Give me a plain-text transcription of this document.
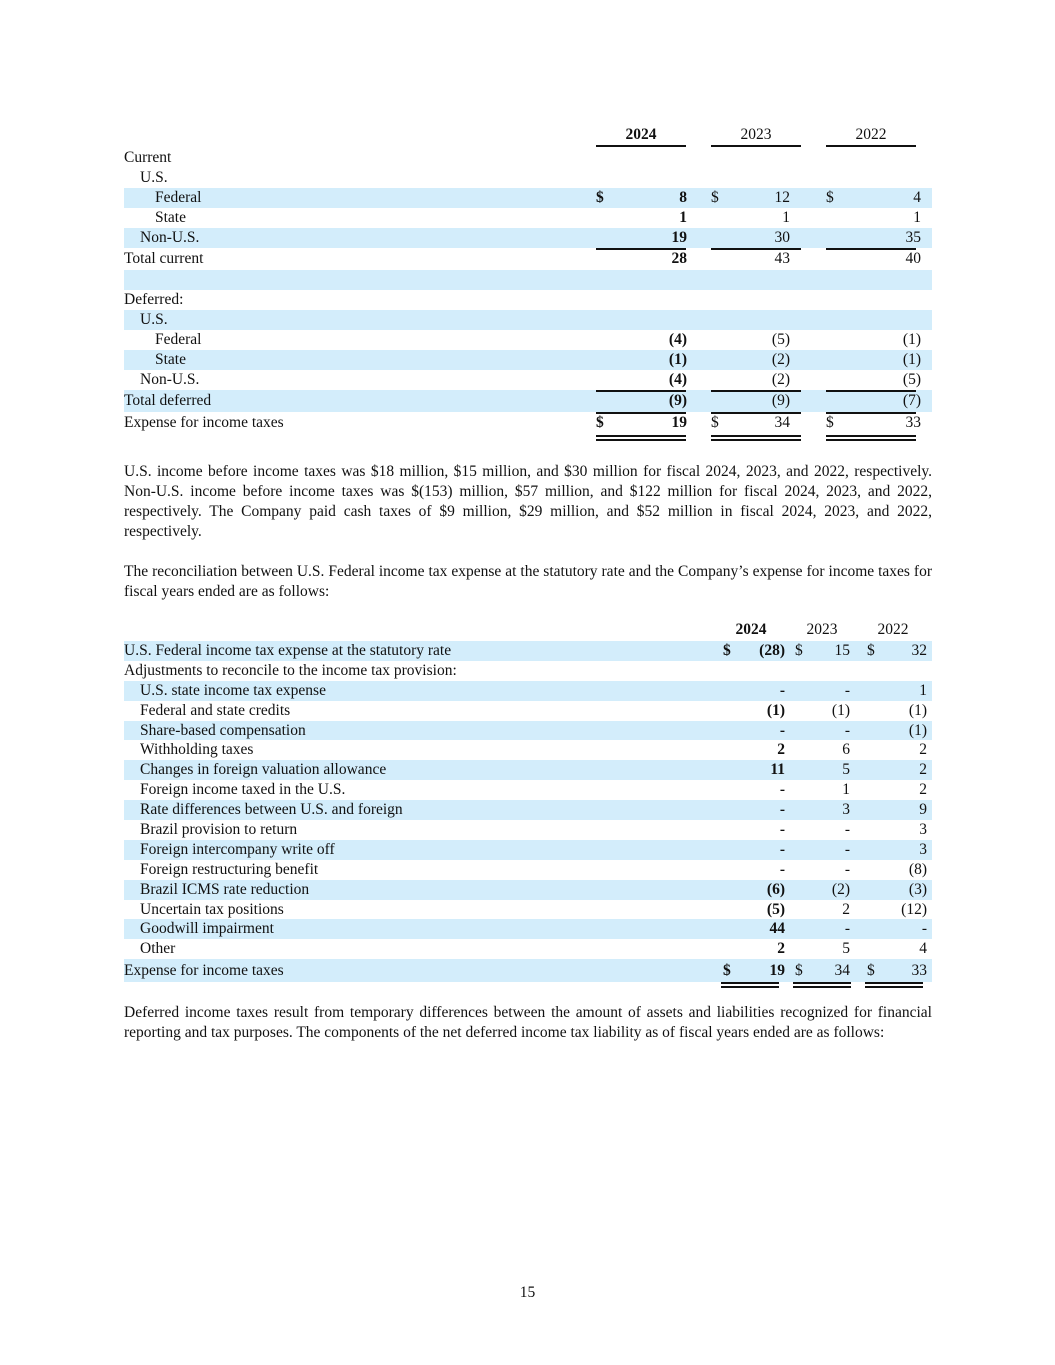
2024	2023	2022
Current
U.S.
Federal	$	8 $	12 $	4
State	1	1	1
Non-U.S.	19	30	35
Total current	28	43	40
Deferred:
U.S.
Federal	(4)	(5)	(1)
State	(1)	(2)	(1)
Non-U.S.	(4)	(2)	(5)
Total deferred	(9)	(9)	(7)
Expense for income taxes	$	19 $	34 $	33

U.S. income before income taxes was $18 million, $15 million, and $30 million for fiscal 2024, 2023, and 2022, respectively. Non-U.S. income before income taxes was $(153) million, $57 million, and $122 million for fiscal 2024, 2023, and 2022, respectively. The Company paid cash taxes of $9 million, $29 million, and $52 million in fiscal 2024, 2023, and 2022, respectively.

The reconciliation between U.S. Federal income tax expense at the statutory rate and the Company’s expense for income taxes for fiscal years ended are as follows:

2024	2023	2022
U.S. Federal income tax expense at the statutory rate	$	(28) $	15 $	32
Adjustments to reconcile to the income tax provision:
U.S. state income tax expense	-	-	1
Federal and state credits	(1)	(1)	(1)
Share-based compensation	-	-	(1)
Withholding taxes	2	6	2
Changes in foreign valuation allowance	11	5	2
Foreign income taxed in the U.S.	-	1	2
Rate differences between U.S. and foreign	-	3	9
Brazil provision to return	-	-	3
Foreign intercompany write off	-	-	3
Foreign restructuring benefit	-	-	(8)
Brazil ICMS rate reduction	(6)	(2)	(3)
Uncertain tax positions	(5)	2	(12)
Goodwill impairment	44	-	-
Other	2	5	4
Expense for income taxes	$	19 $	34 $	33

Deferred income taxes result from temporary differences between the amount of assets and liabilities recognized for financial reporting and tax purposes. The components of the net deferred income tax liability as of fiscal years ended are as follows:

15
